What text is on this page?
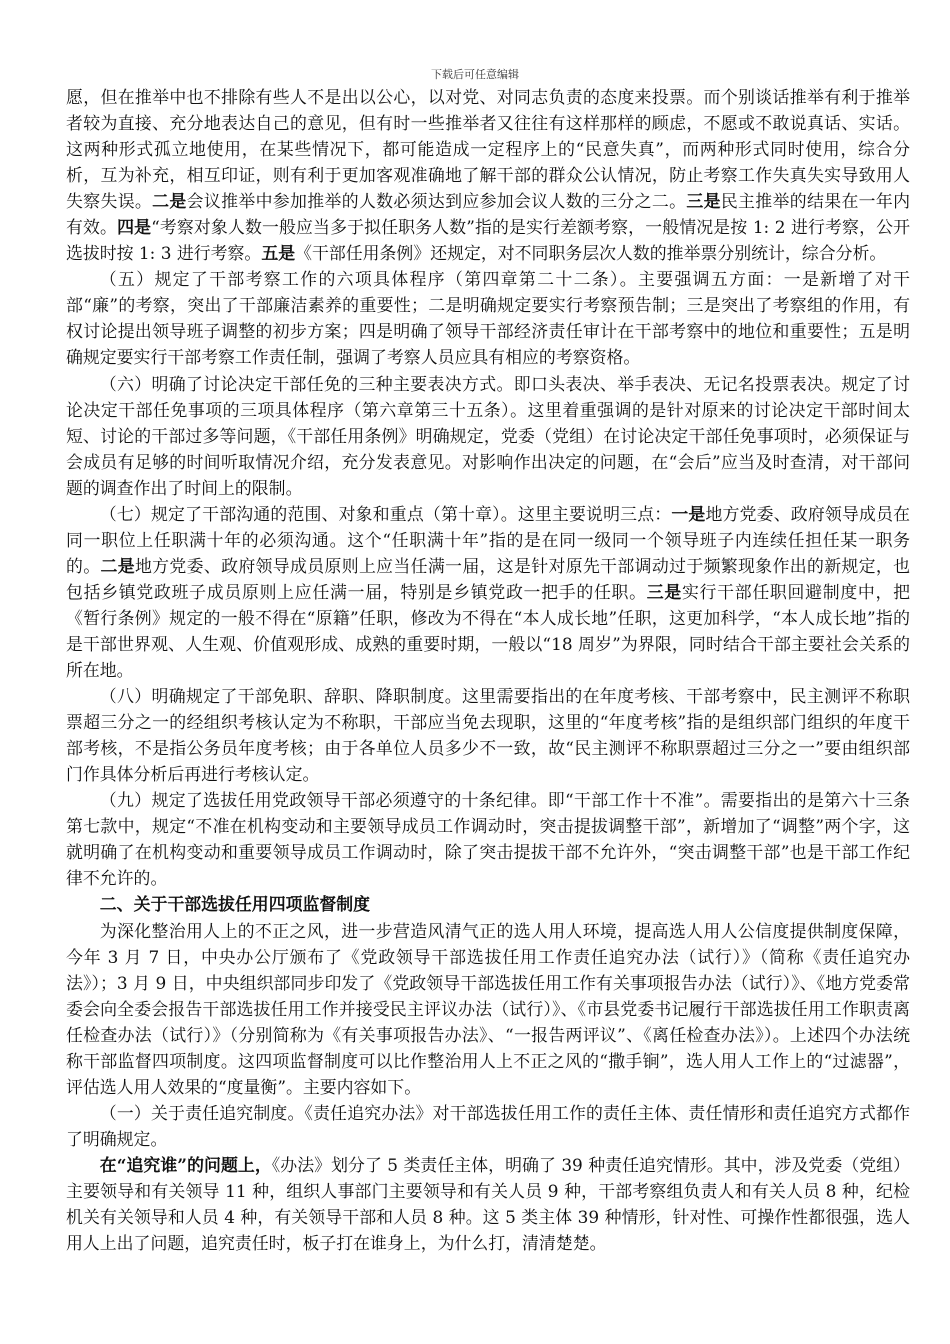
下载后可任意编辑

愿，但在推举中也不排除有些人不是出以公心，以对党、对同志负责的态度来投票。而个别谈话推举有利于推举者较为直接、充分地表达自己的意见，但有时一些推举者又往往有这样那样的顾虑，不愿或不敢说真话、实话。这两种形式孤立地使用，在某些情况下，都可能造成一定程序上的“民意失真”，而两种形式同时使用，综合分析，互为补充，相互印证，则有利于更加客观准确地了解干部的群众公认情况，防止考察工作失真失实导致用人失察失误。二是会议推举中参加推举的人数必须达到应参加会议人数的三分之二。三是民主推举的结果在一年内有效。四是“考察对象人数一般应当多于拟任职务人数”指的是实行差额考察，一般情况是按 1: 2 进行考察，公开选拔时按 1: 3 进行考察。五是《干部任用条例》还规定，对不同职务层次人数的推举票分别统计，综合分析。

（五）规定了干部考察工作的六项具体程序（第四章第二十二条）。主要强调五方面：一是新增了对干部“廉”的考察，突出了干部廉洁素养的重要性；二是明确规定要实行考察预告制；三是突出了考察组的作用，有权讨论提出领导班子调整的初步方案；四是明确了领导干部经济责任审计在干部考察中的地位和重要性；五是明确规定要实行干部考察工作责任制，强调了考察人员应具有相应的考察资格。

（六）明确了讨论决定干部任免的三种主要表决方式。即口头表决、举手表决、无记名投票表决。规定了讨论决定干部任免事项的三项具体程序（第六章第三十五条）。这里着重强调的是针对原来的讨论决定干部时间太短、讨论的干部过多等问题，《干部任用条例》明确规定，党委（党组）在讨论决定干部任免事项时，必须保证与会成员有足够的时间听取情况介绍，充分发表意见。对影响作出决定的问题，在“会后”应当及时查清，对干部问题的调查作出了时间上的限制。

（七）规定了干部沟通的范围、对象和重点（第十章）。这里主要说明三点：一是地方党委、政府领导成员在同一职位上任职满十年的必须沟通。这个“任职满十年”指的是在同一级同一个领导班子内连续任担任某一职务的。二是地方党委、政府领导成员原则上应当任满一届，这是针对原先干部调动过于频繁现象作出的新规定，也包括乡镇党政班子成员原则上应任满一届，特别是乡镇党政一把手的任职。三是实行干部任职回避制度中，把《暂行条例》规定的一般不得在“原籍”任职，修改为不得在“本人成长地”任职，这更加科学，“本人成长地”指的是干部世界观、人生观、价值观形成、成熟的重要时期，一般以“18 周岁”为界限，同时结合干部主要社会关系的所在地。

（八）明确规定了干部免职、辞职、降职制度。这里需要指出的在年度考核、干部考察中，民主测评不称职票超三分之一的经组织考核认定为不称职，干部应当免去现职，这里的“年度考核”指的是组织部门组织的年度干部考核，不是指公务员年度考核；由于各单位人员多少不一致，故“民主测评不称职票超过三分之一”要由组织部门作具体分析后再进行考核认定。

（九）规定了选拔任用党政领导干部必须遵守的十条纪律。即“干部工作十不准”。需要指出的是第六十三条第七款中，规定“不准在机构变动和主要领导成员工作调动时，突击提拔调整干部”，新增加了“调整”两个字，这就明确了在机构变动和重要领导成员工作调动时，除了突击提拔干部不允许外，“突击调整干部”也是干部工作纪律不允许的。

二、关于干部选拔任用四项监督制度

为深化整治用人上的不正之风，进一步营造风清气正的选人用人环境，提高选人用人公信度提供制度保障，今年 3 月 7 日，中央办公厅颁布了《党政领导干部选拔任用工作责任追究办法（试行）》（简称《责任追究办法》）；3 月 9 日，中央组织部同步印发了《党政领导干部选拔任用工作有关事项报告办法（试行）》、《地方党委常委会向全委会报告干部选拔任用工作并接受民主评议办法（试行）》、《市县党委书记履行干部选拔任用工作职责离任检查办法（试行）》（分别简称为《有关事项报告办法》、“一报告两评议”、《离任检查办法》）。上述四个办法统称干部监督四项制度。这四项监督制度可以比作整治用人上不正之风的“撒手锏”，选人用人工作上的“过滤器”，评估选人用人效果的“度量衡”。主要内容如下。

（一）关于责任追究制度。《责任追究办法》对干部选拔任用工作的责任主体、责任情形和责任追究方式都作了明确规定。

在“追究谁”的问题上，《办法》划分了 5 类责任主体，明确了 39 种责任追究情形。其中，涉及党委（党组）主要领导和有关领导 11 种，组织人事部门主要领导和有关人员 9 种，干部考察组负责人和有关人员 8 种，纪检机关有关领导和人员 4 种，有关领导干部和人员 8 种。这 5 类主体 39 种情形，针对性、可操作性都很强，选人用人上出了问题，追究责任时，板子打在谁身上，为什么打，清清楚楚。
